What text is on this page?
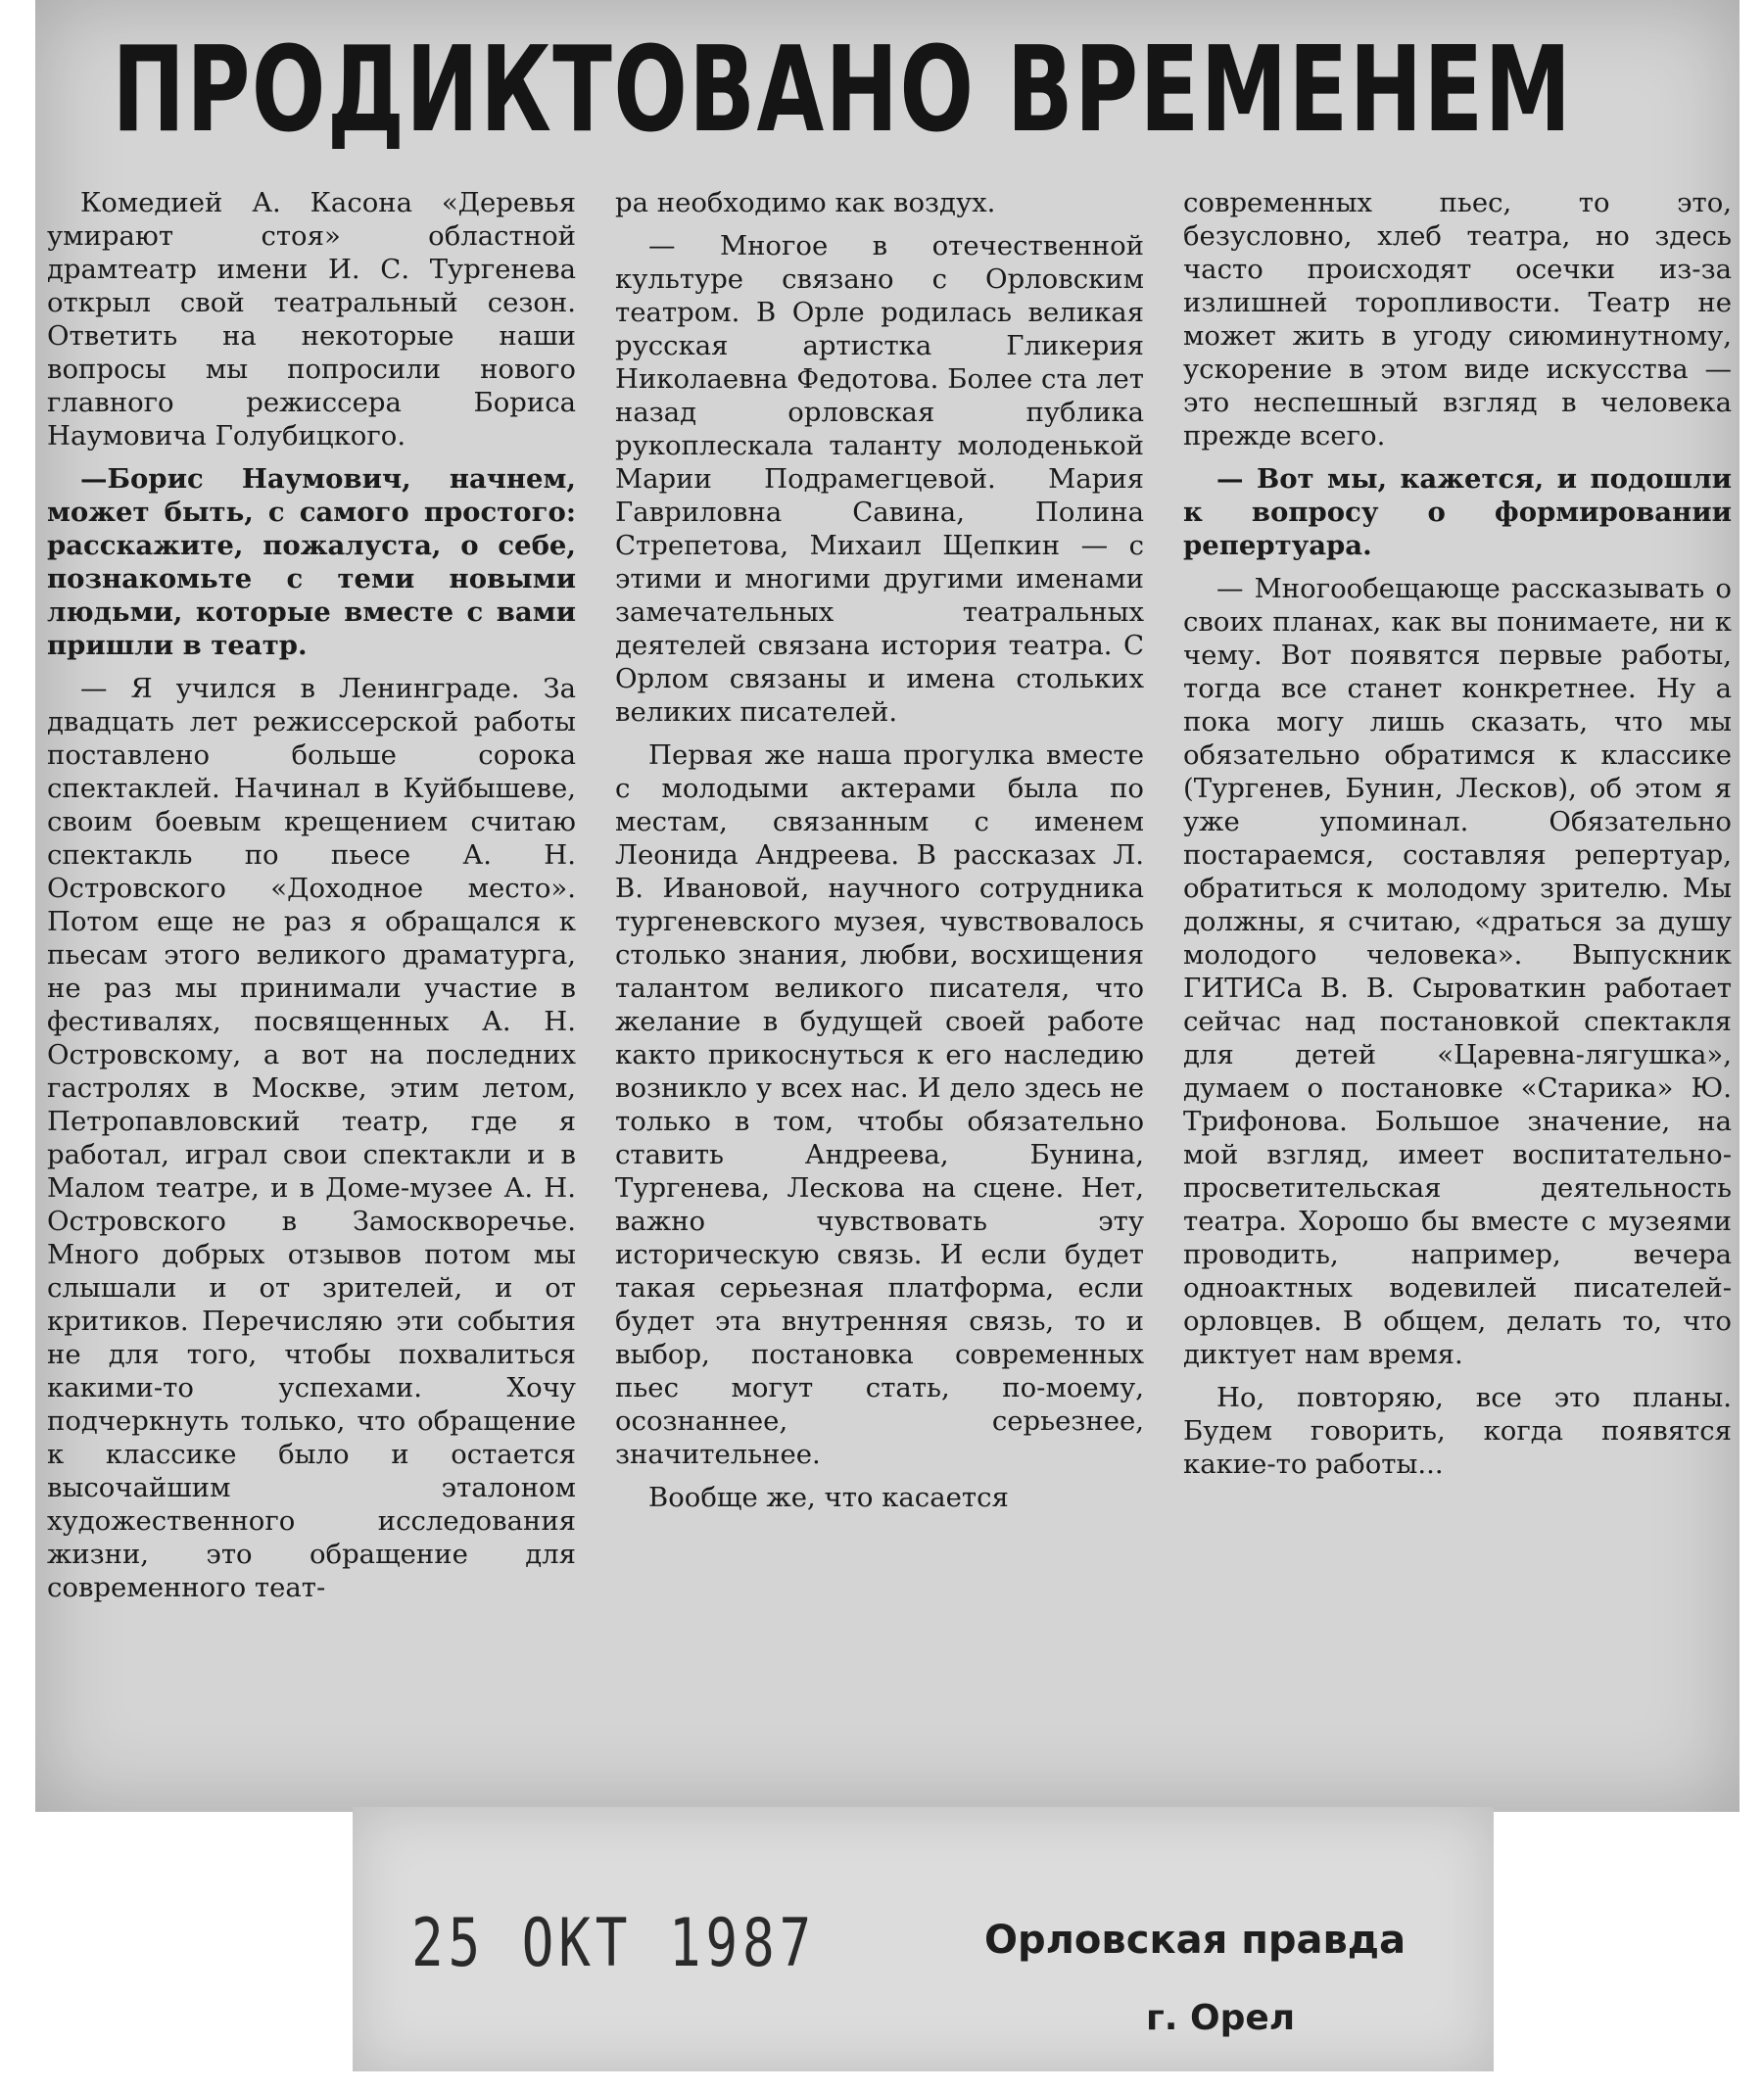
ПРОДИКТОВАНО ВРЕМЕНЕМ

Комедией А. Касона «Деревья умирают стоя» областной драмтеатр имени И. С. Тургенева открыл свой театральный сезон. Ответить на некоторые наши вопросы мы попросили нового главного режиссера Бориса Наумовича Голубицкого.

—Борис Наумович, начнем, может быть, с самого простого: расскажите, пожалуста, о себе, познакомьте с теми новыми людьми, которые вместе с вами пришли в театр.

— Я учился в Ленинграде. За двадцать лет режиссерской работы поставлено больше сорока спектаклей. Начинал в Куйбышеве, своим боевым крещением считаю спектакль по пьесе А. Н. Островского «Доходное место». Потом еще не раз я обращался к пьесам этого великого драматурга, не раз мы принимали участие в фестивалях, посвященных А. Н. Островскому, а вот на последних гастролях в Москве, этим летом, Петропавловский театр, где я работал, играл свои спектакли и в Малом театре, и в Доме-музее А. Н. Островского в Замоскворечье. Много добрых отзывов потом мы слышали и от зрителей, и от критиков. Перечисляю эти события не для того, чтобы похвалиться какими-то успехами. Хочу подчеркнуть только, что обращение к классике было и остается высочайшим эталоном художественного исследования жизни, это обращение для современного теат-

ра необходимо как воздух.

— Многое в отечественной культуре связано с Орловским театром. В Орле родилась великая русская артистка Гликерия Николаевна Федотова. Более ста лет назад орловская публика рукоплескала таланту молоденькой Марии Подрамегцевой. Мария Гавриловна Савина, Полина Стрепетова, Михаил Щепкин — с этими и многими другими именами замечательных театральных деятелей связана история театра. С Орлом связаны и имена стольких великих писателей.

Первая же наша прогулка вместе с молодыми актерами была по местам, связанным с именем Леонида Андреева. В рассказах Л. В. Ивановой, научного сотрудника тургеневского музея, чувствовалось столько знания, любви, восхищения талантом великого писателя, что желание в будущей своей работе както прикоснуться к его наследию возникло у всех нас. И дело здесь не только в том, чтобы обязательно ставить Андреева, Бунина, Тургенева, Лескова на сцене. Нет, важно чувствовать эту историческую связь. И если будет такая серьезная платформа, если будет эта внутренняя связь, то и выбор, постановка современных пьес могут стать, по-моему, осознаннее, серьезнее, значительнее.

Вообще же, что касается

современных пьес, то это, безусловно, хлеб театра, но здесь часто происходят осечки из-за излишней торопливости. Театр не может жить в угоду сиюминутному, ускорение в этом виде искусства — это неспешный взгляд в человека прежде всего.

— Вот мы, кажется, и подошли к вопросу о формировании репертуара.

— Многообещающе рассказывать о своих планах, как вы понимаете, ни к чему. Вот появятся первые работы, тогда все станет конкретнее. Ну а пока могу лишь сказать, что мы обязательно обратимся к классике (Тургенев, Бунин, Лесков), об этом я уже упоминал. Обязательно постараемся, составляя репертуар, обратиться к молодому зрителю. Мы должны, я считаю, «драться за душу молодого человека». Выпускник ГИТИСа В. В. Сыроваткин работает сейчас над постановкой спектакля для детей «Царевна-лягушка», думаем о постановке «Старика» Ю. Трифонова. Большое значение, на мой взгляд, имеет воспитательно-просветительская деятельность театра. Хорошо бы вместе с музеями проводить, например, вечера одноактных водевилей писателей-орловцев. В общем, делать то, что диктует нам время.

Но, повторяю, все это планы. Будем говорить, когда появятся какие-то работы...

25 ОКТ 1987	Орловская правда
г. Орел
